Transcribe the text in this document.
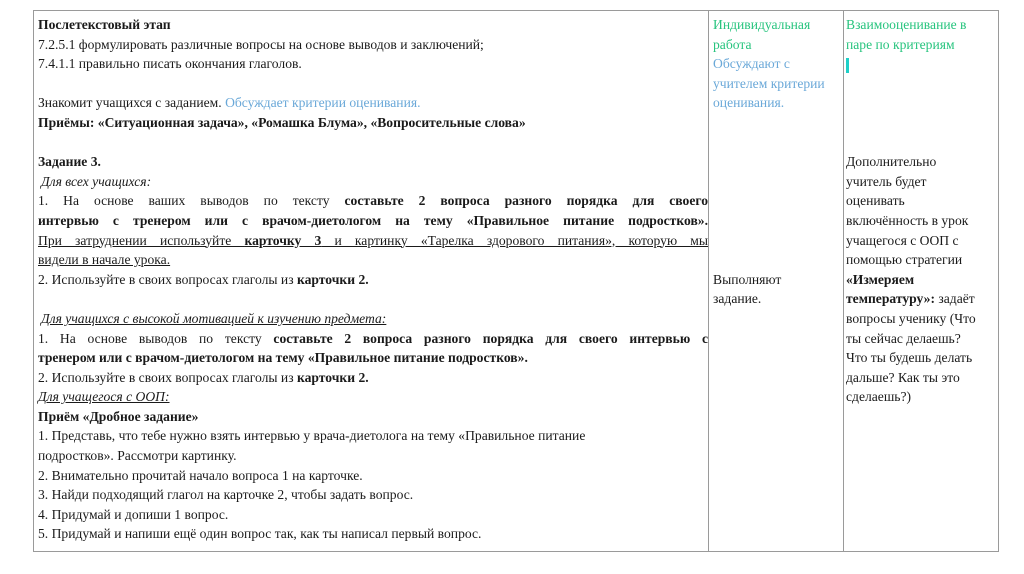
Послетекстовый этап
7.2.5.1 формулировать различные вопросы на основе выводов и заключений;
7.4.1.1 правильно писать окончания глаголов.
Знакомит учащихся с заданием. Обсуждает критерии оценивания.
Приёмы: «Ситуационная задача», «Ромашка Блума», «Вопросительные слова»
Задание 3.
Для всех учащихся:
1. На основе ваших выводов по тексту составьте 2 вопроса разного порядка для своего
интервью с тренером или с врачом-диетологом на тему «Правильное питание подростков».
При затруднении используйте карточку 3 и картинку «Тарелка здорового питания», которую мы
видели в начале урока.
2. Используйте в своих вопросах глаголы из карточки 2.
Для учащихся с высокой мотивацией к изучению предмета:
1. На основе выводов по тексту составьте 2 вопроса разного порядка для своего интервью с
тренером или с врачом-диетологом на тему «Правильное питание подростков».
2. Используйте в своих вопросах глаголы из карточки 2.
Для учащегося с ООП:
Приём «Дробное задание»
1. Представь, что тебе нужно взять интервью у врача-диетолога на тему «Правильное питание
подростков». Рассмотри картинку.
2. Внимательно прочитай начало вопроса 1 на карточке.
3. Найди подходящий глагол на карточке 2, чтобы задать вопрос.
4. Придумай и допиши 1 вопрос.
5. Придумай и напиши ещё один вопрос так, как ты написал первый вопрос.
Индивидуальная
работа
Обсуждают с
учителем критерии
оценивания.
Выполняют
задание.
Взаимооценивание в
паре по критериям
Дополнительно
учитель будет
оценивать
включённость в урок
учащегося с ООП с
помощью стратегии
«Измеряем
температуру»: задаёт
вопросы ученику (Что
ты сейчас делаешь?
Что ты будешь делать
дальше? Как ты это
сделаешь?)
